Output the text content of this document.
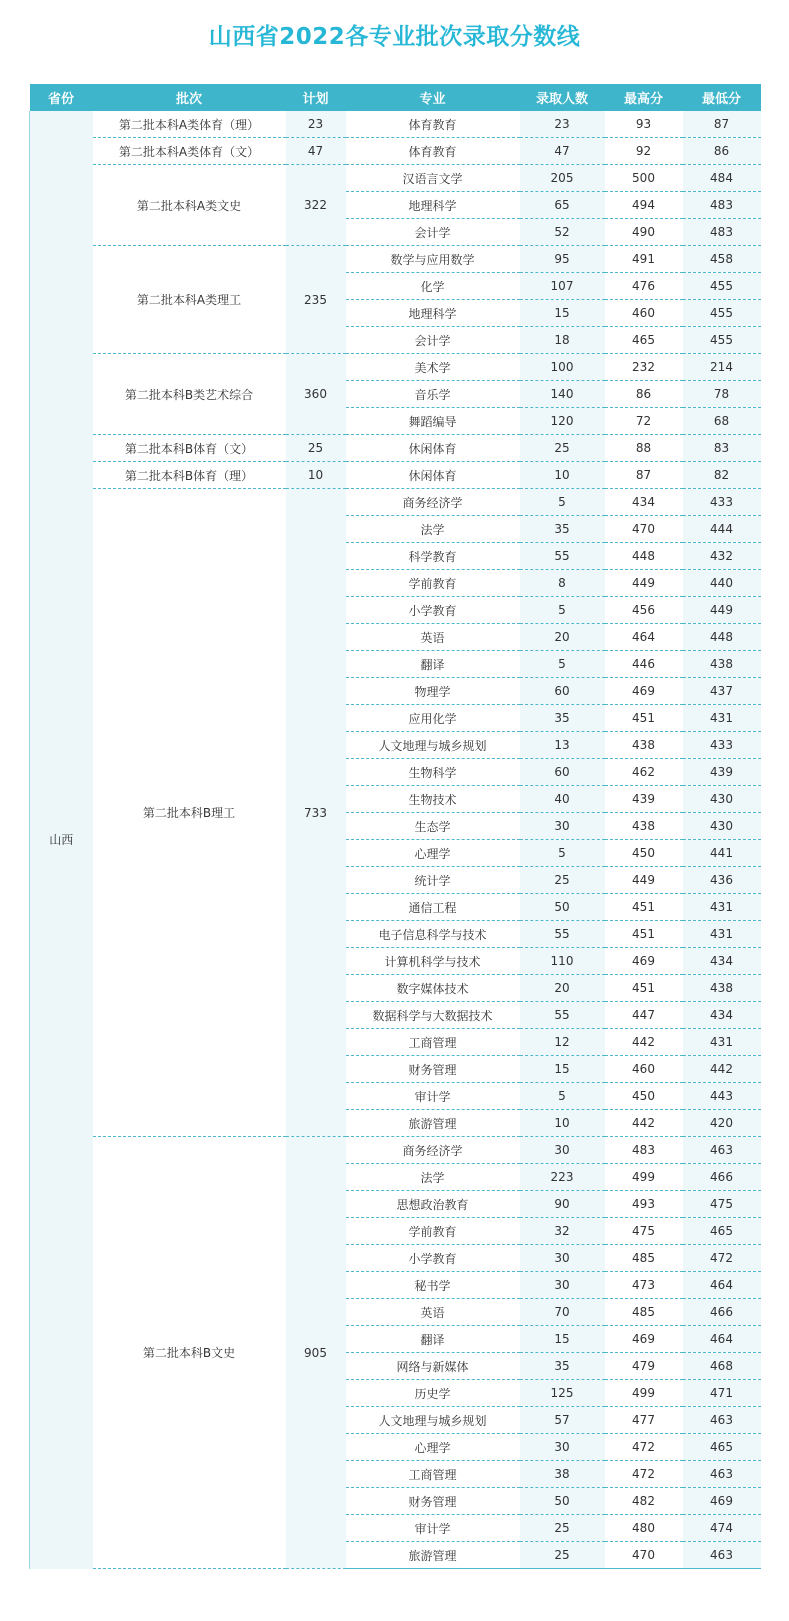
山西省2022各专业批次录取分数线
省份	批次	计划	专业	录取人数	最高分	最低分
山西	第二批本科A类体育（理）	23	体育教育	23	93	87
	第二批本科A类体育（文）	47	体育教育	47	92	86
	第二批本科A类文史	322	汉语言文学	205	500	484
			地理科学	65	494	483
			会计学	52	490	483
	第二批本科A类理工	235	数学与应用数学	95	491	458
			化学	107	476	455
			地理科学	15	460	455
			会计学	18	465	455
	第二批本科B类艺术综合	360	美术学	100	232	214
			音乐学	140	86	78
			舞蹈编导	120	72	68
	第二批本科B体育（文）	25	休闲体育	25	88	83
	第二批本科B体育（理）	10	休闲体育	10	87	82
	第二批本科B理工	733	商务经济学	5	434	433
			法学	35	470	444
			科学教育	55	448	432
			学前教育	8	449	440
			小学教育	5	456	449
			英语	20	464	448
			翻译	5	446	438
			物理学	60	469	437
			应用化学	35	451	431
			人文地理与城乡规划	13	438	433
			生物科学	60	462	439
			生物技术	40	439	430
			生态学	30	438	430
			心理学	5	450	441
			统计学	25	449	436
			通信工程	50	451	431
			电子信息科学与技术	55	451	431
			计算机科学与技术	110	469	434
			数字媒体技术	20	451	438
			数据科学与大数据技术	55	447	434
			工商管理	12	442	431
			财务管理	15	460	442
			审计学	5	450	443
			旅游管理	10	442	420
	第二批本科B文史	905	商务经济学	30	483	463
			法学	223	499	466
			思想政治教育	90	493	475
			学前教育	32	475	465
			小学教育	30	485	472
			秘书学	30	473	464
			英语	70	485	466
			翻译	15	469	464
			网络与新媒体	35	479	468
			历史学	125	499	471
			人文地理与城乡规划	57	477	463
			心理学	30	472	465
			工商管理	38	472	463
			财务管理	50	482	469
			审计学	25	480	474
			旅游管理	25	470	463
